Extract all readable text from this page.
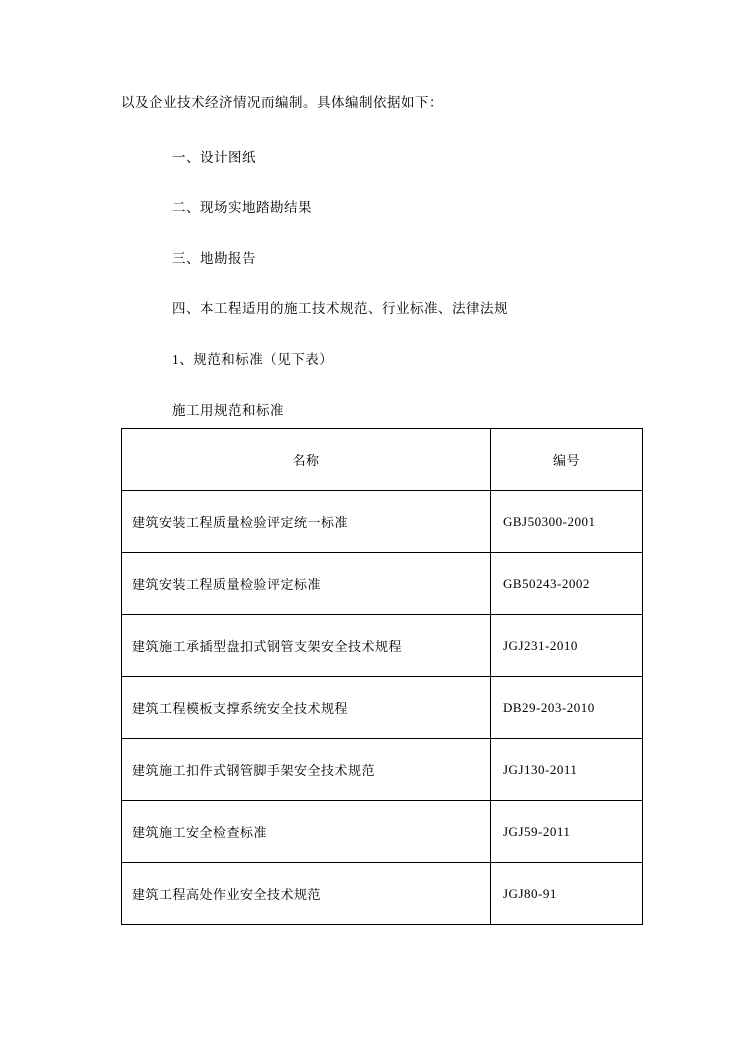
以及企业技术经济情况而编制。具体编制依据如下：

一、设计图纸

二、现场实地踏勘结果

三、地勘报告

四、本工程适用的施工技术规范、行业标准、法律法规

1、规范和标准（见下表）

施工用规范和标准

名称	编号
建筑安装工程质量检验评定统一标准	GBJ50300-2001
建筑安装工程质量检验评定标准	GB50243-2002
建筑施工承插型盘扣式钢管支架安全技术规程	JGJ231-2010
建筑工程模板支撑系统安全技术规程	DB29-203-2010
建筑施工扣件式钢管脚手架安全技术规范	JGJ130-2011
建筑施工安全检查标准	JGJ59-2011
建筑工程高处作业安全技术规范	JGJ80-91
